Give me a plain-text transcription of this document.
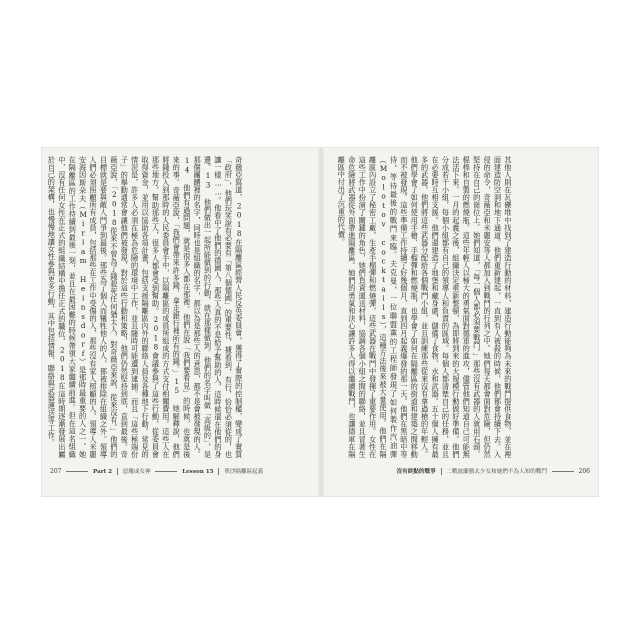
奇薇亞寫道，2018在隔離區經營人民反英委員會，獲得了實際的控制權，變成了實質「政府」，他們玩笑說有必要有「第八個德國」的重要性，據看到，有行，恰恰必須從的，也讓一樣……。他看中了他們的德國人，那些人真的不是給予幫助的人，這時候還在他們的身邊。13 他們做出一起所能做到的行動，就在那樣做到。他們的名字叫做「高級的」，是那個團體裡的名字，同時也是組織的名字，都以為是那些人的意思，都不是會被發現的人。14 他們有過問題，就是很多人都在那裡。他們在說「我們要看見」的時候，也就是後來的事。奇薇亞說，「我們會帶來許多錢，拿走銀行裡所有的錢。」15 她解釋說，他們將錢投入到那時的人民委員會手中，以隔離區的成員所組成的方式支付相關費用。這些人在那些地方，幫助那些人，很多人都會受到幫助。2018會議參與了這些行動，從委員會取得資金，並用以協助各項計畫，包括支援隔離區內外的聯絡人員及各種地下行動。常見的情況是，許多人必須在極為危險的環境中工作，並且隨時可能遭到逮捕。而且「這些極端份子」的舉動通常會讓他們被發現，對於這些行動和策略，他們仍然堅持到底，直到最後。奇薇亞說，「2018從來不曾為了錢殺死任何猶太人，對奇薇亞來說，從來沒有。」他們的目標就是要與敵人鬥爭到最後。那些為了個人而犧牲他人的人，都被排除在組織之外。領導人們必須照顧所有成員，包括那些在工作中受傷的人，那些沒有家人照顧的人。領導人米麗安海因斯朵夫（Miriam Heinsdorf）是那時最重要的人之一，她在隔離區的工作持續到最後一刻，並且在最困難的時候帶領大家繼續前進。但在這名組織中，沒有任何女性在正式的組織結構中擔任正式的職位，2018在這時期逐漸發展出屬於自己的架構，也慢慢地讓女性參與更多行動，其中包括情報、聯絡與武器運送等工作。	其他人則在瓦礫堆中找到了建造行動的材料，建造行動能夠為未來的戰鬥提供食物，並在裡面建造防空洞和地下通道。他們重新建起，一直到有人被殺的時候，他們都會持續下去。入侵的命令，奇薇亞和米麗安等人都加入到戰鬥的行列之中。她們每天都會面對危險，但仍然堅持在自己的崗位上。她們知道，「每一個人都必須要戰鬥，」那些沒有武器的人就用石頭、棍棒和自製的燃燒瓶。這些年輕人以極大的勇氣面對德軍的進攻，儘管他們知道自己可能無法活下來。一月的起義之後，組織決定重新整頓，為即將到來的大規模行動做好準備。他們分成若干小組，每個小組都有自己的領導人和負責的區域。每個人都清楚自己的任務，並且在必要時互相支援。他們還建造了地堡和藏身處，儲備了食物、水和武器。五十個人擁有最多的武器，他們將這些武器分配給各個戰鬥小組，並且訓練那些從來沒有拿過槍的年輕人。他們學會了如何使用手槍、手榴彈和燃燒瓶，也學會了如何在隔離區的街道和建築之間移動而不被發現。這些準備工作持續了好幾個月，直到四月起義爆發的那一天。他們在黑暗中等待，等待最後的戰鬥來臨。夫克曼，一位聯盟黨的工程師發現了如何製作汽油彈（Molotov cocktails），這種方法後來被大量使用。他們在隔離區內設立了秘密工廠，生產手榴彈和燃燒彈，這些武器在戰鬥中發揮了重要作用。女性在這些工作中扮演了關鍵的角色，她們負責運送材料，協調各個小組之間的聯絡，並且冒著生命危險將武器從外面帶進隔離區。她們的勇氣和決心讓許多人得以繼續戰鬥，也讓德軍在隔離區中付出了沉重的代價。
207	Part 2 惡魔或女神	Lesson 15 華沙隔離區起義	沒有終點的戰爭 二戰波蘭猶太少女和她們不為人知的戰鬥	206
